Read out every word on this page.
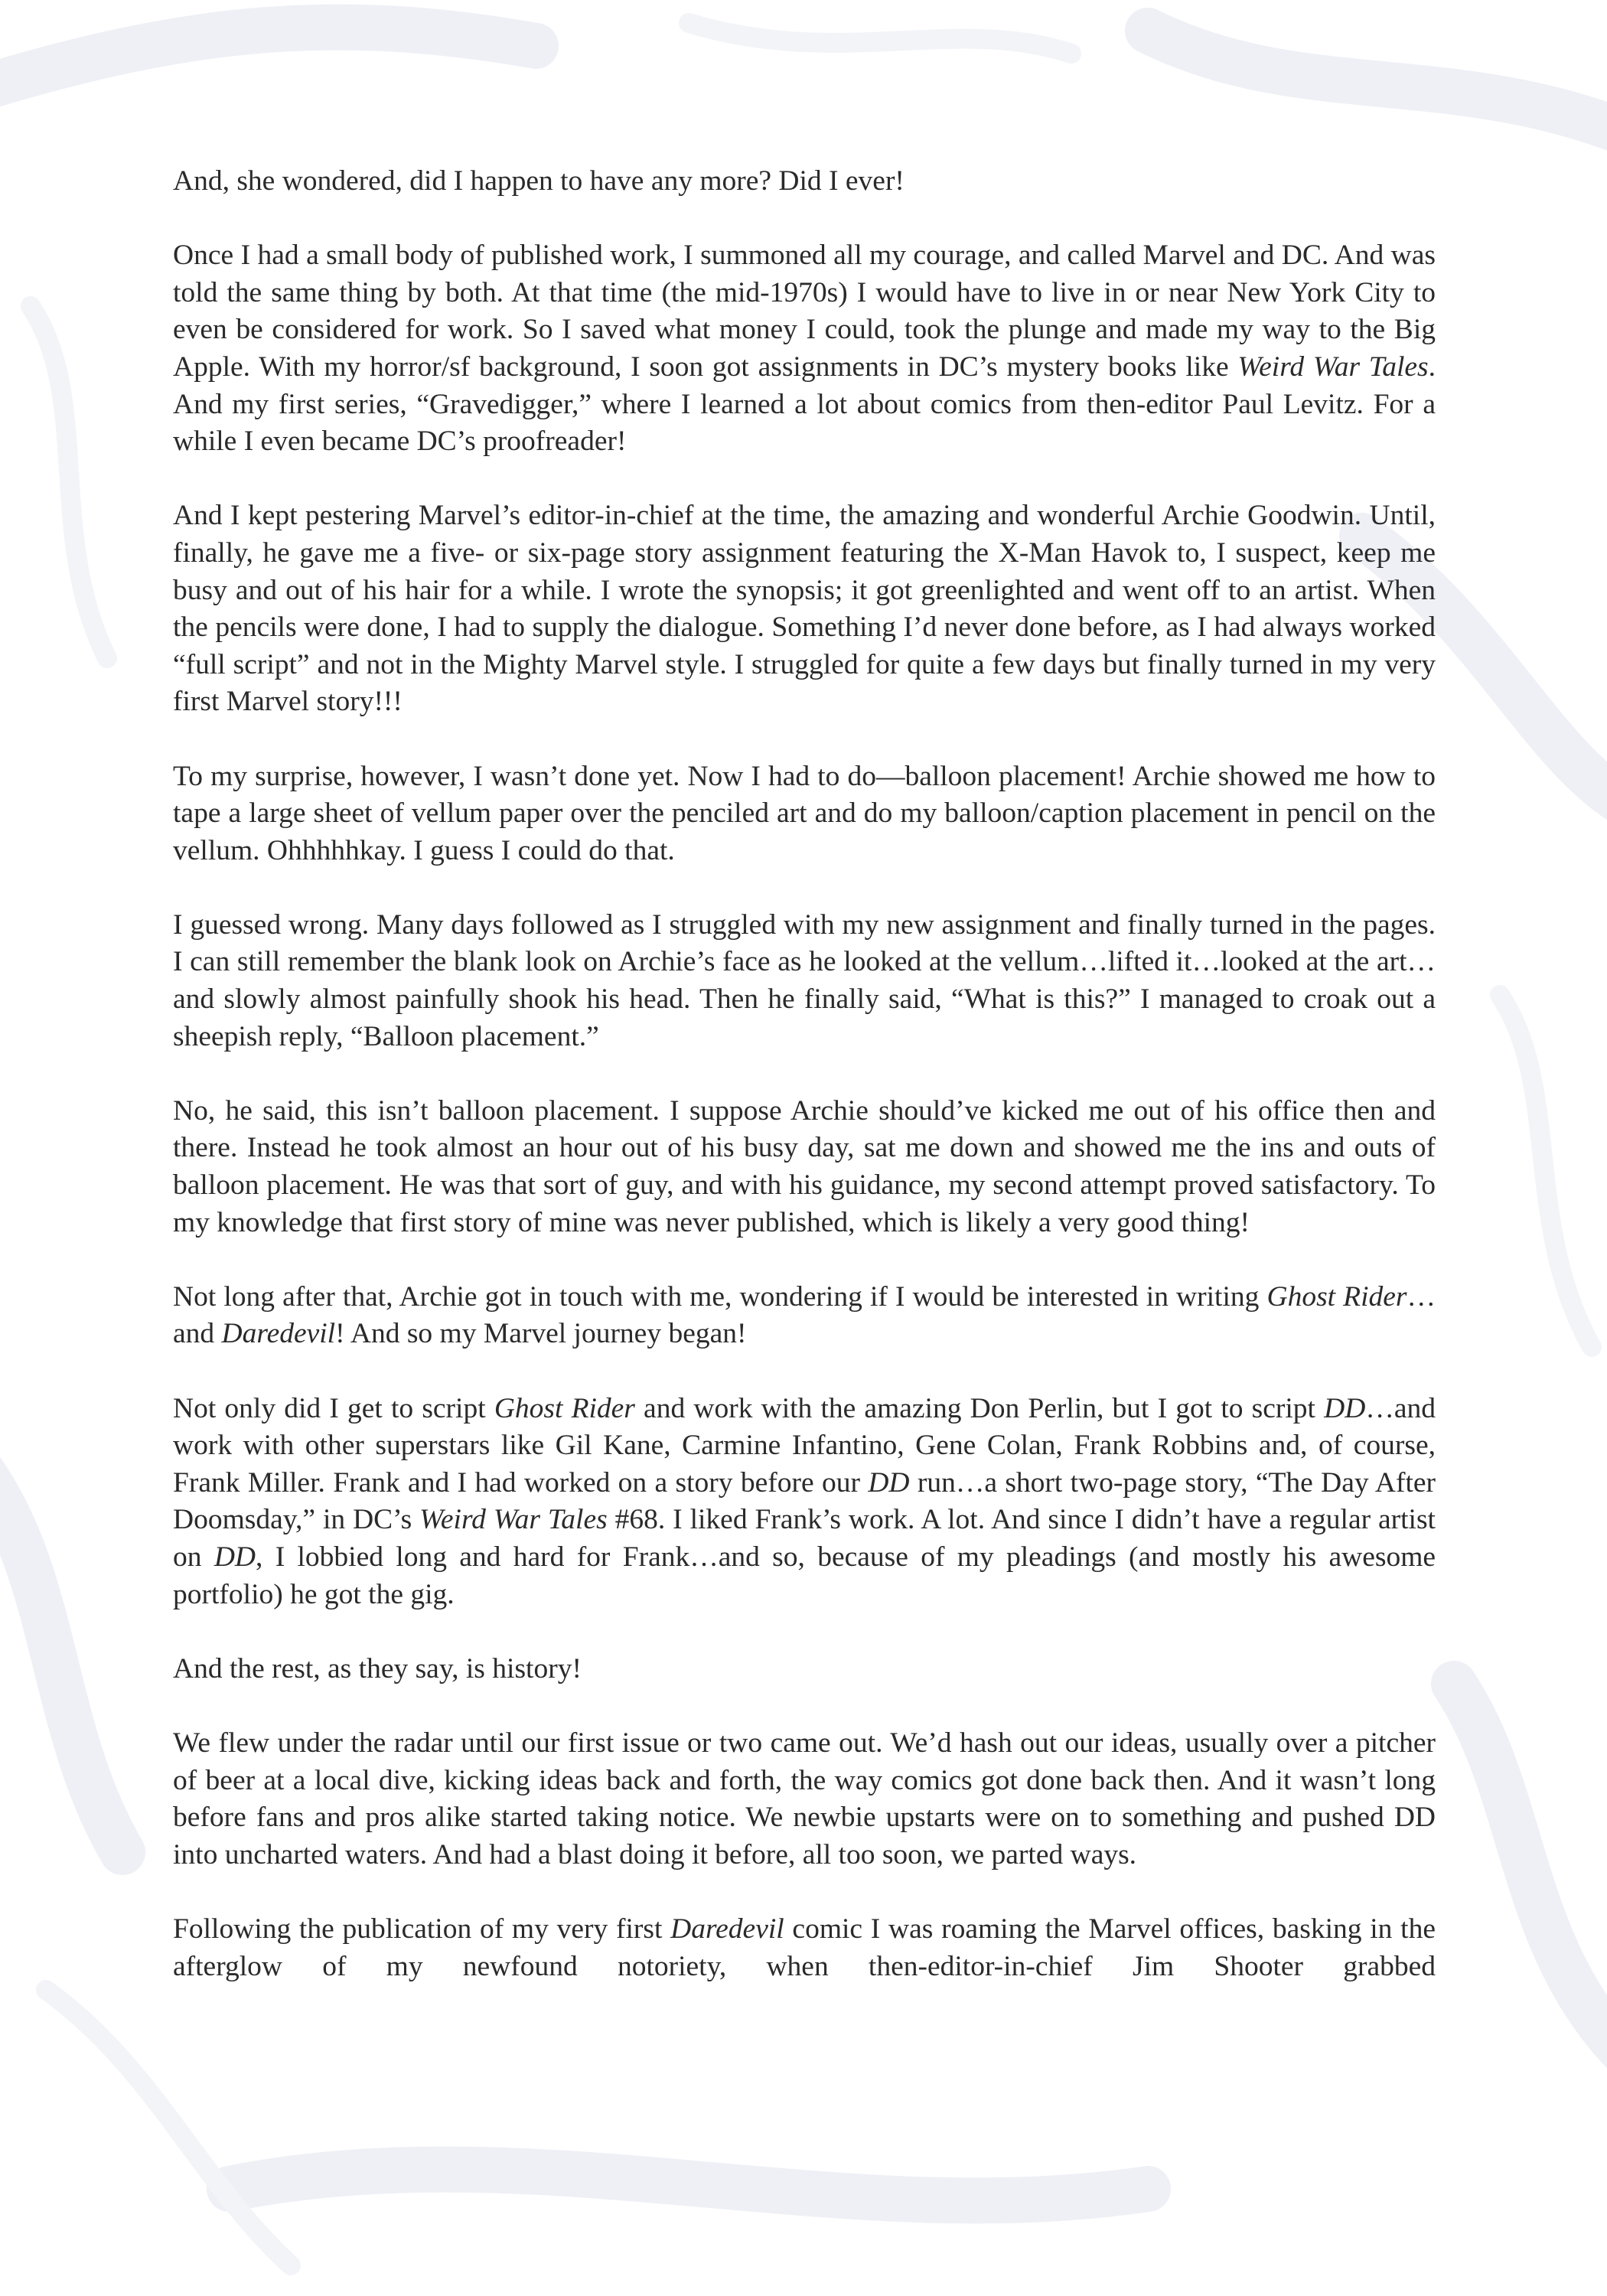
And, she wondered, did I happen to have any more? Did I ever!

Once I had a small body of published work, I summoned all my courage, and called Marvel and DC. And was told the same thing by both. At that time (the mid-1970s) I would have to live in or near New York City to even be considered for work. So I saved what money I could, took the plunge and made my way to the Big Apple. With my horror/sf background, I soon got assignments in DC’s mystery books like Weird War Tales. And my first series, “Gravedigger,” where I learned a lot about comics from then-editor Paul Levitz. For a while I even became DC’s proofreader!

And I kept pestering Marvel’s editor-in-chief at the time, the amazing and wonderful Archie Goodwin. Until, finally, he gave me a five- or six-page story assignment featuring the X-Man Havok to, I suspect, keep me busy and out of his hair for a while. I wrote the synopsis; it got greenlighted and went off to an artist. When the pencils were done, I had to supply the dialogue. Something I’d never done before, as I had always worked “full script” and not in the Mighty Marvel style. I struggled for quite a few days but finally turned in my very first Marvel story!!!

To my surprise, however, I wasn’t done yet. Now I had to do—balloon placement! Archie showed me how to tape a large sheet of vellum paper over the penciled art and do my balloon/caption placement in pencil on the vellum. Ohhhhhkay. I guess I could do that.

I guessed wrong. Many days followed as I struggled with my new assignment and finally turned in the pages. I can still remember the blank look on Archie’s face as he looked at the vellum…lifted it…looked at the art…and slowly almost painfully shook his head. Then he finally said, “What is this?” I managed to croak out a sheepish reply, “Balloon placement.”

No, he said, this isn’t balloon placement. I suppose Archie should’ve kicked me out of his office then and there. Instead he took almost an hour out of his busy day, sat me down and showed me the ins and outs of balloon placement. He was that sort of guy, and with his guidance, my second attempt proved satisfactory. To my knowledge that first story of mine was never published, which is likely a very good thing!

Not long after that, Archie got in touch with me, wondering if I would be interested in writing Ghost Rider…and Daredevil! And so my Marvel journey began!

Not only did I get to script Ghost Rider and work with the amazing Don Perlin, but I got to script DD…and work with other superstars like Gil Kane, Carmine Infantino, Gene Colan, Frank Robbins and, of course, Frank Miller. Frank and I had worked on a story before our DD run…a short two-page story, “The Day After Doomsday,” in DC’s Weird War Tales #68. I liked Frank’s work. A lot. And since I didn’t have a regular artist on DD, I lobbied long and hard for Frank…and so, because of my pleadings (and mostly his awesome portfolio) he got the gig.

And the rest, as they say, is history!

We flew under the radar until our first issue or two came out. We’d hash out our ideas, usually over a pitcher of beer at a local dive, kicking ideas back and forth, the way comics got done back then. And it wasn’t long before fans and pros alike started taking notice. We newbie upstarts were on to something and pushed DD into uncharted waters. And had a blast doing it before, all too soon, we parted ways.

Following the publication of my very first Daredevil comic I was roaming the Marvel offices, basking in the afterglow of my newfound notoriety, when then-editor-in-chief Jim Shooter grabbed
